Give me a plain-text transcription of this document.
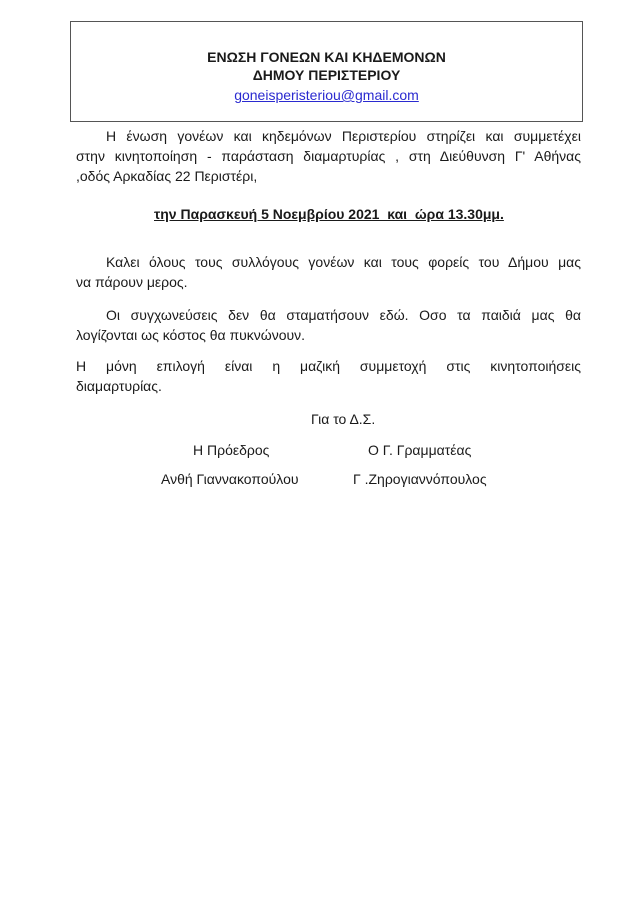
ΕΝΩΣΗ ΓΟΝΕΩΝ ΚΑΙ ΚΗΔΕΜΟΝΩΝ

ΔΗΜΟΥ ΠΕΡΙΣΤΕΡΙΟΥ

goneisperisteriou@gmail.com

Η ένωση γονέων και κηδεμόνων Περιστερίου στηρίζει και συμμετέχει
στην κινητοποίηση - παράσταση διαμαρτυρίας , στη Διεύθυνση Γ' Αθήνας
,οδός Αρκαδίας 22 Περιστέρι,

την Παρασκευή 5 Νοεμβρίου 2021  και  ώρα 13.30μμ.

Καλει όλους τους συλλόγους γονέων και τους φορείς του Δήμου μας
να πάρουν μερος.

Οι συγχωνεύσεις δεν θα σταματήσουν εδώ. Οσο τα παιδιά μας θα
λογίζονται ως κόστος θα πυκνώνουν.

Η μόνη επιλογή είναι η μαζική συμμετοχή στις κινητοποιήσεις
διαμαρτυρίας.

Για το Δ.Σ.
Η Πρόεδρος	Ο Γ. Γραμματέας
Ανθή Γιαννακοπούλου	Γ .Ζηρογιαννόπουλος
